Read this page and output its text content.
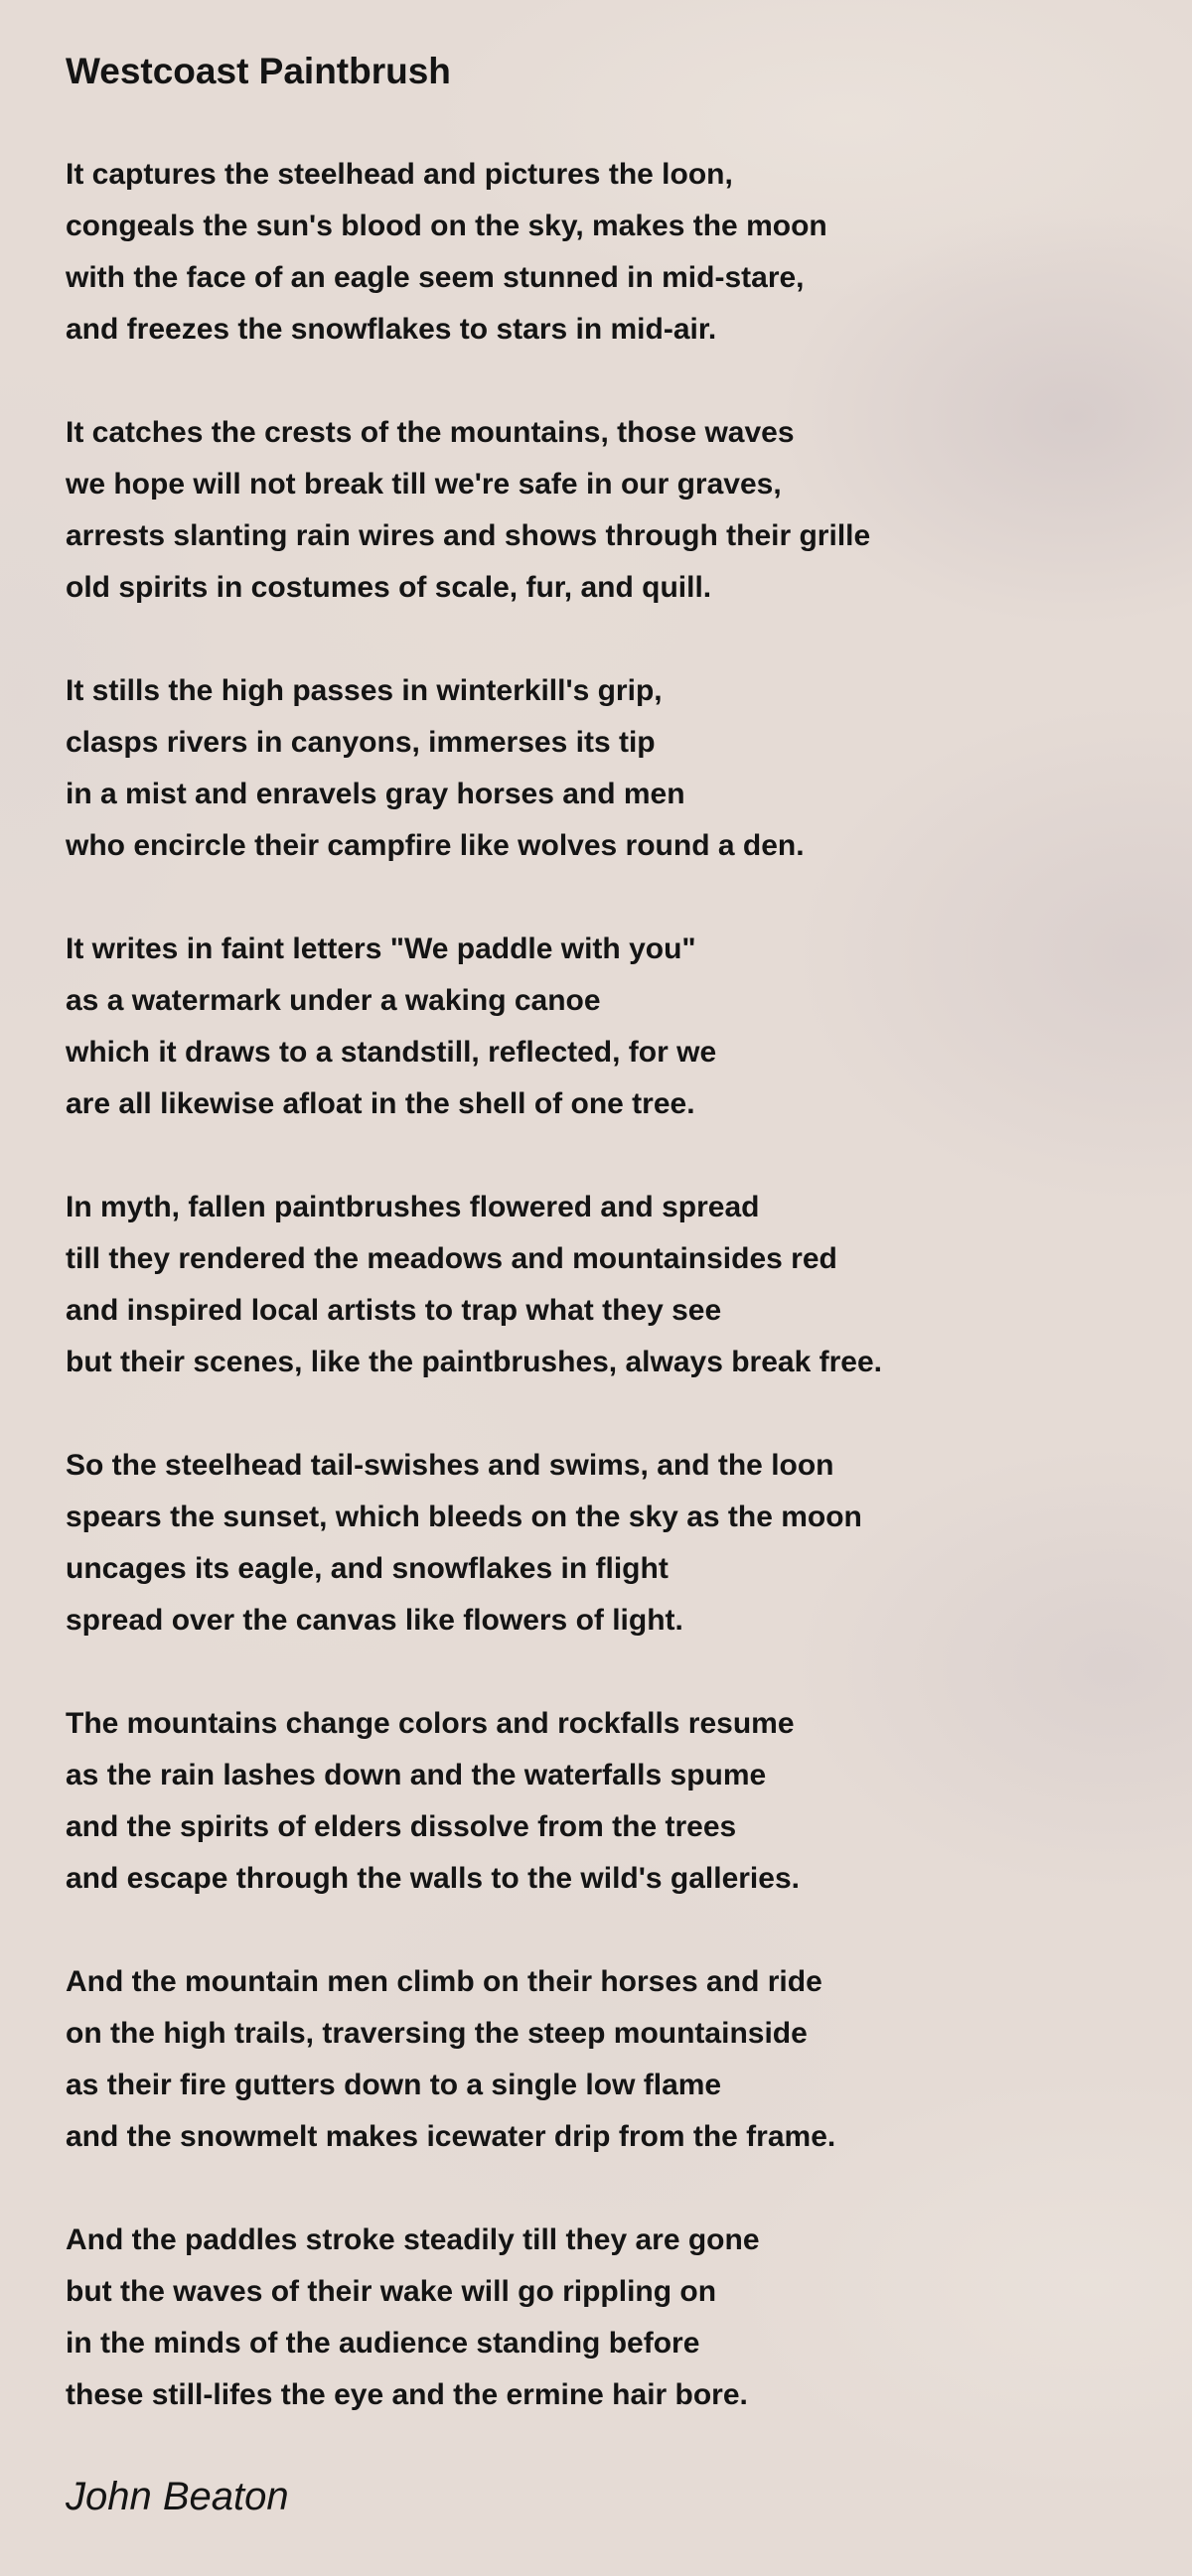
Westcoast Paintbrush
It captures the steelhead and pictures the loon,
congeals the sun's blood on the sky, makes the moon
with the face of an eagle seem stunned in mid-stare,
and freezes the snowflakes to stars in mid-air.
It catches the crests of the mountains, those waves
we hope will not break till we're safe in our graves,
arrests slanting rain wires and shows through their grille
old spirits in costumes of scale, fur, and quill.
It stills the high passes in winterkill's grip,
clasps rivers in canyons, immerses its tip
in a mist and enravels gray horses and men
who encircle their campfire like wolves round a den.
It writes in faint letters "We paddle with you"
as a watermark under a waking canoe
which it draws to a standstill, reflected, for we
are all likewise afloat in the shell of one tree.
In myth, fallen paintbrushes flowered and spread
till they rendered the meadows and mountainsides red
and inspired local artists to trap what they see
but their scenes, like the paintbrushes, always break free.
So the steelhead tail-swishes and swims, and the loon
spears the sunset, which bleeds on the sky as the moon
uncages its eagle, and snowflakes in flight
spread over the canvas like flowers of light.
The mountains change colors and rockfalls resume
as the rain lashes down and the waterfalls spume
and the spirits of elders dissolve from the trees
and escape through the walls to the wild's galleries.
And the mountain men climb on their horses and ride
on the high trails, traversing the steep mountainside
as their fire gutters down to a single low flame
and the snowmelt makes icewater drip from the frame.
And the paddles stroke steadily till they are gone
but the waves of their wake will go rippling on
in the minds of the audience standing before
these still-lifes the eye and the ermine hair bore.
John Beaton
